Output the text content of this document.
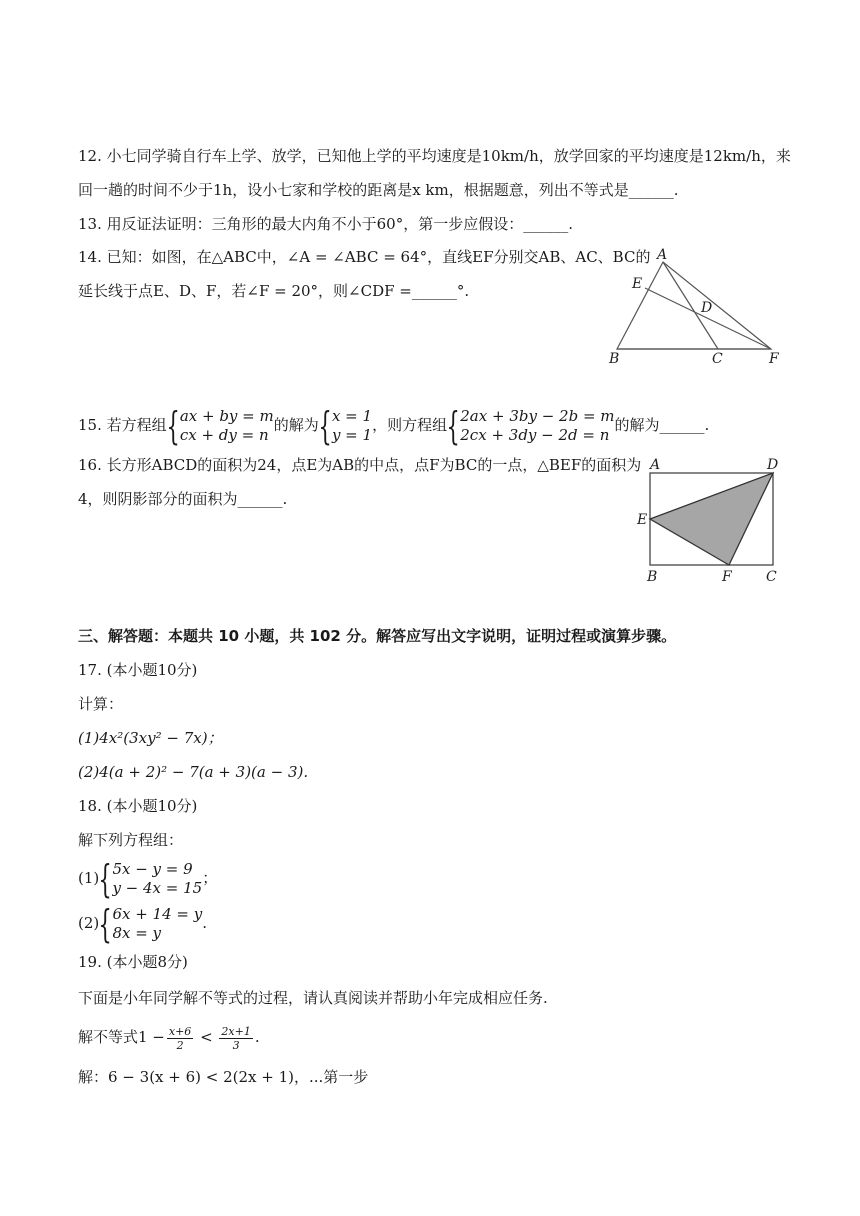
12. 小七同学骑自行车上学、放学，已知他上学的平均速度是10km/h，放学回家的平均速度是12km/h，来
回一趟的时间不少于1h，设小七家和学校的距离是x km，根据题意，列出不等式是______.
13. 用反证法证明：三角形的最大内角不小于60°，第一步应假设：______.
14. 已知：如图，在△ABC中，∠A = ∠ABC = 64°，直线EF分别交AB、AC、BC的
延长线于点E、D、F，若∠F = 20°，则∠CDF =______°.
A
E
D
B	C	F
15. 若方程组 { ax + by = m
cx + dy = n
的解为 { x = 1
y = 1
，则方程组 { 2ax + 3by − 2b = m
2cx + 3dy − 2d = n
的解为______.
16. 长方形ABCD的面积为24，点E为AB的中点，点F为BC的一点，△BEF的面积为
4，则阴影部分的面积为______.
A	D
E
B	F C
三、解答题：本题共 10 小题，共 102 分。解答应写出文字说明，证明过程或演算步骤。
17. (本小题10分)
计算：
(1)4x²(3xy² − 7x)；
(2)4(a + 2)² − 7(a + 3)(a − 3).
18. (本小题10分)
解下列方程组：
(1) { 5x − y = 9
y − 4x = 15
；
(2) { 6x + 14 = y
8x = y
.
19. (本小题8分)
下面是小年同学解不等式的过程，请认真阅读并帮助小年完成相应任务.
解不等式$1 - \frac{x+6}{2} < \frac{2x+1}{3}$ .
解：6 − 3(x + 6) < 2(2x + 1)，...第一步
